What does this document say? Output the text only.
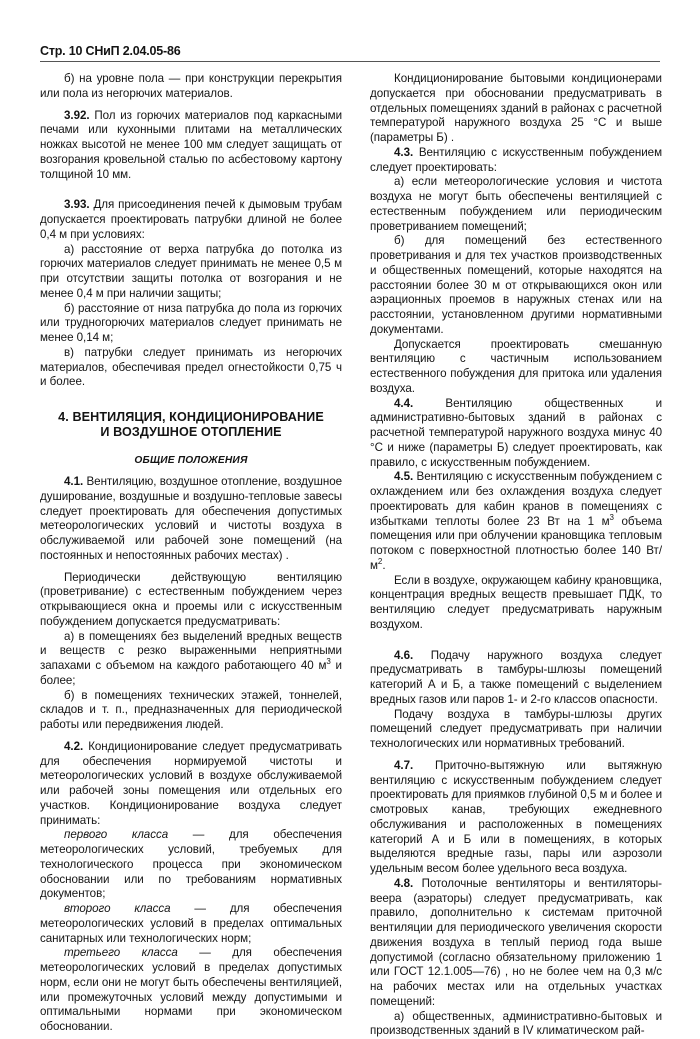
Стр. 10 СНиП 2.04.05-86

б) на уровне пола — при конструкции перекрытия или пола из негорючих материалов.

3.92. Пол из горючих материалов под каркасными печами или кухонными плитами на металлических ножках высотой не менее 100 мм следует защищать от возгорания кровельной сталью по асбестовому картону толщиной 10 мм.

3.93. Для присоединения печей к дымовым трубам допускается проектировать патрубки длиной не более 0,4 м при условиях:

а) расстояние от верха патрубка до потолка из горючих материалов следует принимать не менее 0,5 м при отсутствии защиты потолка от возгорания и не менее 0,4 м при наличии защиты;

б) расстояние от низа патрубка до пола из горючих или трудногорючих материалов следует принимать не менее 0,14 м;

в) патрубки следует принимать из негорючих материалов, обеспечивая предел огнестойкости 0,75 ч и более.

4. ВЕНТИЛЯЦИЯ, КОНДИЦИОНИРОВАНИЕ
И ВОЗДУШНОЕ ОТОПЛЕНИЕ
ОБЩИЕ ПОЛОЖЕНИЯ

4.1. Вентиляцию, воздушное отопление, воздушное душирование, воздушные и воздушно-тепловые завесы следует проектировать для обеспечения допустимых метеорологических условий и чистоты воздуха в обслуживаемой или рабочей зоне помещений (на постоянных и непостоянных рабочих местах) .

Периодически действующую вентиляцию (проветривание) с естественным побуждением через открывающиеся окна и проемы или с искусственным побуждением допускается предусматривать:

а) в помещениях без выделений вредных веществ и веществ с резко выраженными неприятными запахами с объемом на каждого работающего 40 $м^3$ и более;

б) в помещениях технических этажей, тоннелей, складов и т. п., предназначенных для периодической работы или передвижения людей.

4.2. Кондиционирование следует предусматривать для обеспечения нормируемой чистоты и метеорологических условий в воздухе обслуживаемой или рабочей зоны помещения или отдельных его участков. Кондиционирование воздуха следует принимать:

первого класса — для обеспечения метеорологических условий, требуемых для технологического процесса при экономическом обосновании или по требованиям нормативных документов;

второго класса — для обеспечения метеорологических условий в пределах оптимальных санитарных или технологических норм;

третьего класса — для обеспечения метеорологических условий в пределах допустимых норм, если они не могут быть обеспечены вентиляцией, или промежуточных условий между допустимыми и оптимальными нормами при экономическом обосновании.

Кондиционирование бытовыми кондиционерами допускается при обосновании предусматривать в отдельных помещениях зданий в районах с расчетной температурой наружного воздуха 25 °С и выше (параметры Б) .

4.3. Вентиляцию с искусственным побуждением следует проектировать:

а) если метеорологические условия и чистота воздуха не могут быть обеспечены вентиляцией с естественным побуждением или периодическим проветриванием помещений;

б) для помещений без естественного проветривания и для тех участков производственных и общественных помещений, которые находятся на расстоянии более 30 м от открывающихся окон или аэрационных проемов в наружных стенах или на расстоянии, установленном другими нормативными документами.

Допускается проектировать смешанную вентиляцию с частичным использованием естественного побуждения для притока или удаления воздуха.

4.4.	Вентиляцию общественных и административно-бытовых зданий в районах с расчетной температурой наружного воздуха минус 40 °С и ниже (параметры Б) следует проектировать, как правило, с искусственным побуждением.

4.5. Вентиляцию с искусственным побуждением с охлаждением или без охлаждения воздуха следует проектировать для кабин кранов в помещениях с избытками теплоты более 23 Вт на 1 $м^3$ объема помещения или при облучении крановщика тепловым потоком с поверхностной плотностью более 140 $Вт/м^2$.

Если в воздухе, окружающем кабину крановщика, концентрация вредных веществ превышает ПДК, то вентиляцию следует предусматривать наружным воздухом.

4.6. Подачу наружного воздуха следует предусматривать в тамбуры-шлюзы помещений категорий А и Б, а также помещений с выделением вредных газов или паров 1- и 2-го классов опасности.

Подачу воздуха в тамбуры-шлюзы других помещений следует предусматривать при наличии технологических или нормативных требований.

4.7. Приточно-вытяжную или вытяжную вентиляцию с искусственным побуждением следует проектировать для приямков глубиной 0,5 м и более и смотровых канав, требующих ежедневного обслуживания и расположенных в помещениях категорий А и Б или в помещениях, в которых выделяются вредные газы, пары или аэрозоли удельным весом более удельного веса воздуха.

4.8. Потолочные вентиляторы и вентиляторы-веера (аэраторы) следует предусматривать, как правило, дополнительно к системам приточной вентиляции для периодического увеличения скорости движения воздуха в теплый период года выше допустимой (согласно обязательному приложению 1 или ГОСТ 12.1.005—76) , но не более чем на 0,3 м/с на рабочих местах или на отдельных участках помещений:

а) общественных, административно-бытовых и производственных зданий в IV климатическом рай-
